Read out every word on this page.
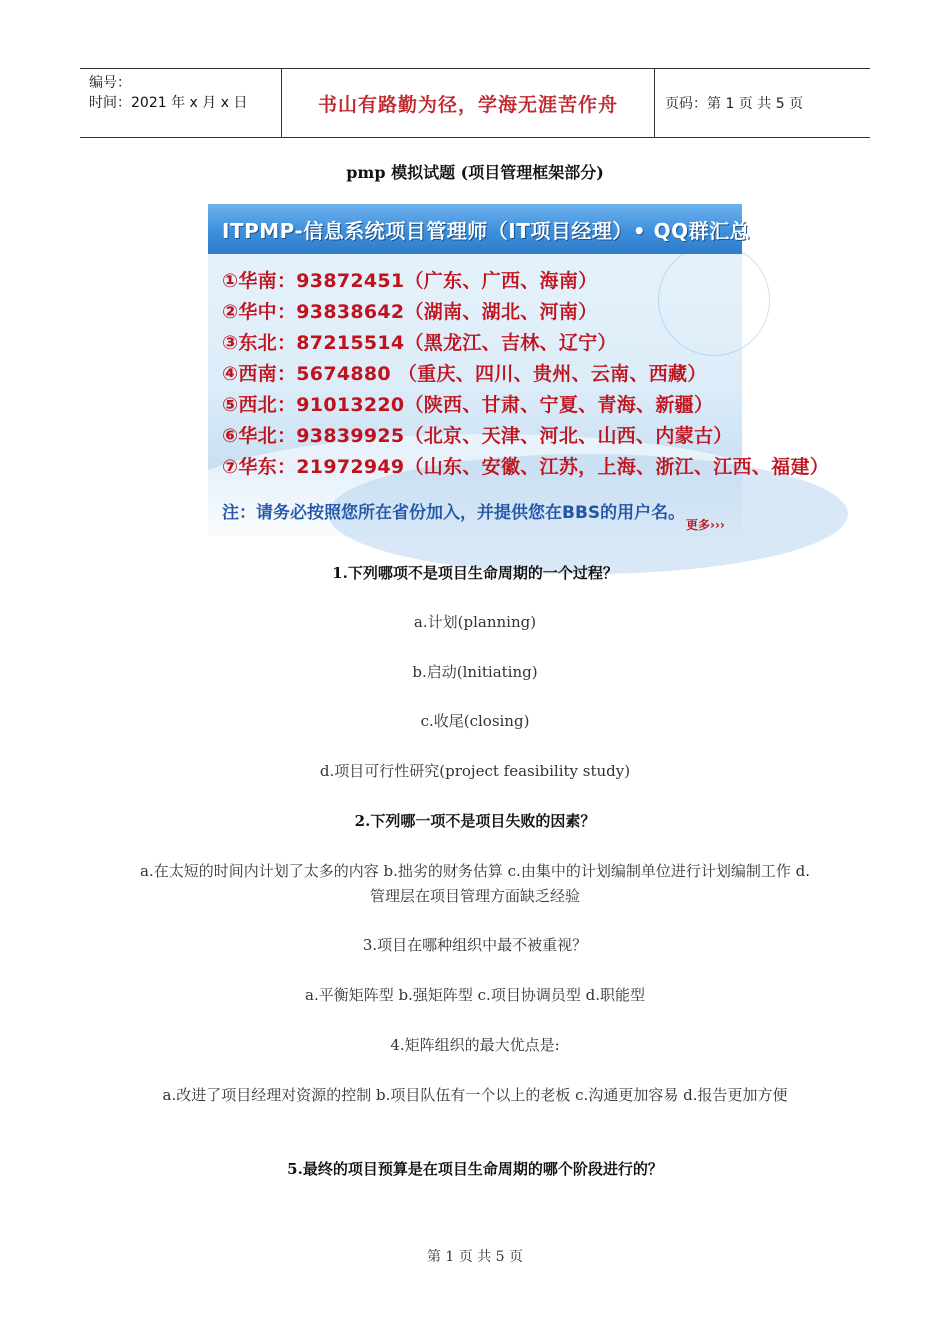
编号：
时间：2021 年 x 月 x 日	书山有路勤为径，学海无涯苦作舟	页码：第 1 页 共 5 页
pmp 模拟试题 (项目管理框架部分)
ITPMP-信息系统项目管理师（IT项目经理）• QQ群汇总
①华南：93872451（广东、广西、海南）
②华中：93838642（湖南、湖北、河南）
③东北：87215514（黑龙江、吉林、辽宁）
④西南：5674880 （重庆、四川、贵州、云南、西藏）
⑤西北：91013220（陕西、甘肃、宁夏、青海、新疆）
⑥华北：93839925（北京、天津、河北、山西、内蒙古）
⑦华东：21972949（山东、安徽、江苏，上海、浙江、江西、福建）
注：请务必按照您所在省份加入，并提供您在BBS的用户名。
更多›››
1.下列哪项不是项目生命周期的一个过程？
a.计划(planning)
b.启动(lnitiating)
c.收尾(closing)
d.项目可行性研究(project feasibility study)
2.下列哪一项不是项目失败的因素？
a.在太短的时间内计划了太多的内容 b.拙劣的财务估算 c.由集中的计划编制单位进行计划编制工作 d.管理层在项目管理方面缺乏经验
3.项目在哪种组织中最不被重视？
a.平衡矩阵型 b.强矩阵型 c.项目协调员型 d.职能型
4.矩阵组织的最大优点是:
a.改进了项目经理对资源的控制 b.项目队伍有一个以上的老板 c.沟通更加容易 d.报告更加方便
5.最终的项目预算是在项目生命周期的哪个阶段进行的？
第 1 页 共 5 页
